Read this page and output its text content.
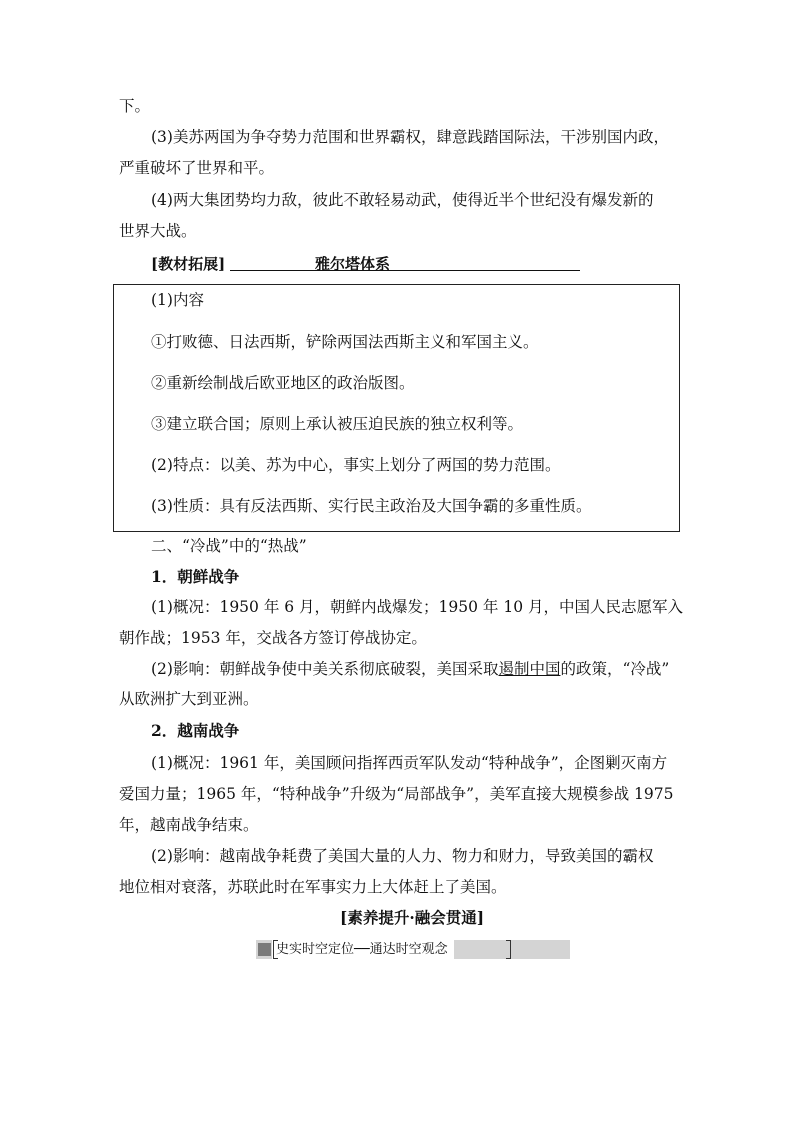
下。
(3)美苏两国为争夺势力范围和世界霸权，肆意践踏国际法，干涉别国内政，
严重破坏了世界和平。
(4)两大集团势均力敌，彼此不敢轻易动武，使得近半个世纪没有爆发新的
世界大战。
[教材拓展]	雅尔塔体系
(1)内容
①打败德、日法西斯，铲除两国法西斯主义和军国主义。
②重新绘制战后欧亚地区的政治版图。
③建立联合国；原则上承认被压迫民族的独立权利等。
(2)特点：以美、苏为中心，事实上划分了两国的势力范围。
(3)性质：具有反法西斯、实行民主政治及大国争霸的多重性质。
二、“冷战”中的“热战”
1．朝鲜战争
(1)概况：1950 年 6 月，朝鲜内战爆发；1950 年 10 月，中国人民志愿军入
朝作战；1953 年，交战各方签订停战协定。
(2)影响：朝鲜战争使中美关系彻底破裂，美国采取遏制中国的政策，“冷战”
从欧洲扩大到亚洲。
2．越南战争
(1)概况：1961 年，美国顾问指挥西贡军队发动“特种战争”，企图剿灭南方
爱国力量；1965 年，“特种战争”升级为“局部战争”，美军直接大规模参战 1975
年，越南战争结束。
(2)影响：越南战争耗费了美国大量的人力、物力和财力，导致美国的霸权
地位相对衰落，苏联此时在军事实力上大体赶上了美国。
[素养提升·融会贯通]
史实时空定位──通达时空观念
